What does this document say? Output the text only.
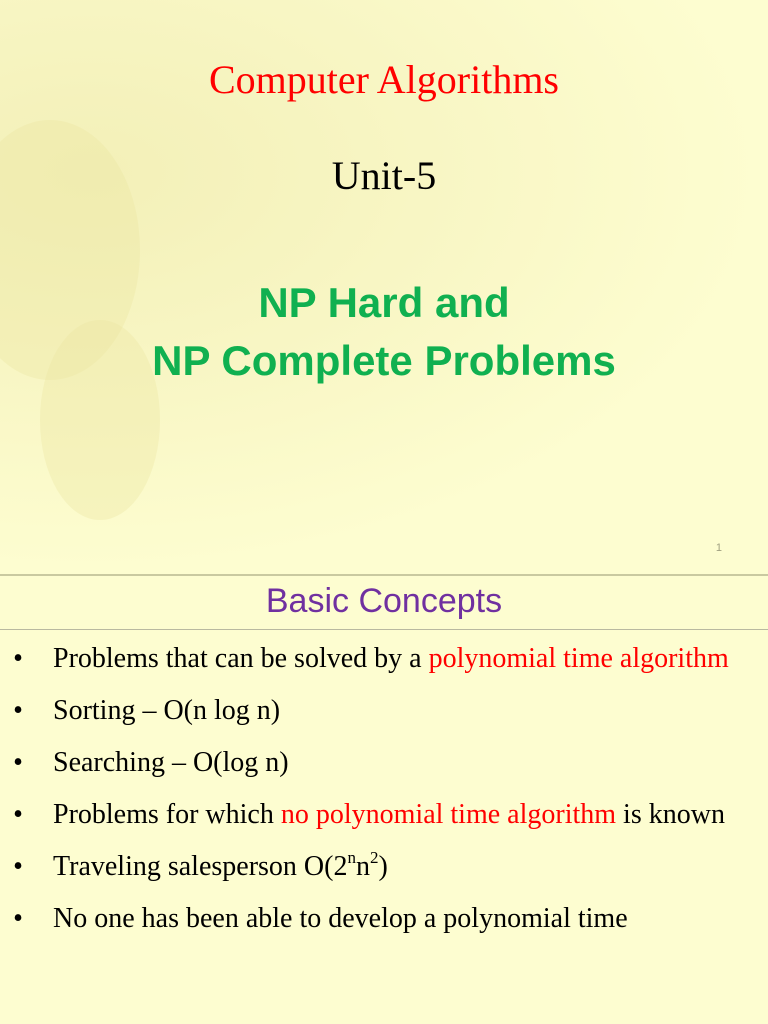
Computer Algorithms
Unit-5
NP Hard and
NP Complete Problems
1
Basic Concepts
• Problems that can be solved by a polynomial time algorithm
• Sorting – O(n log n)
• Searching – O(log n)
• Problems for which no polynomial time algorithm is known
• Traveling salesperson $O(2^nn^2)$
• No one has been able to develop a polynomial time
